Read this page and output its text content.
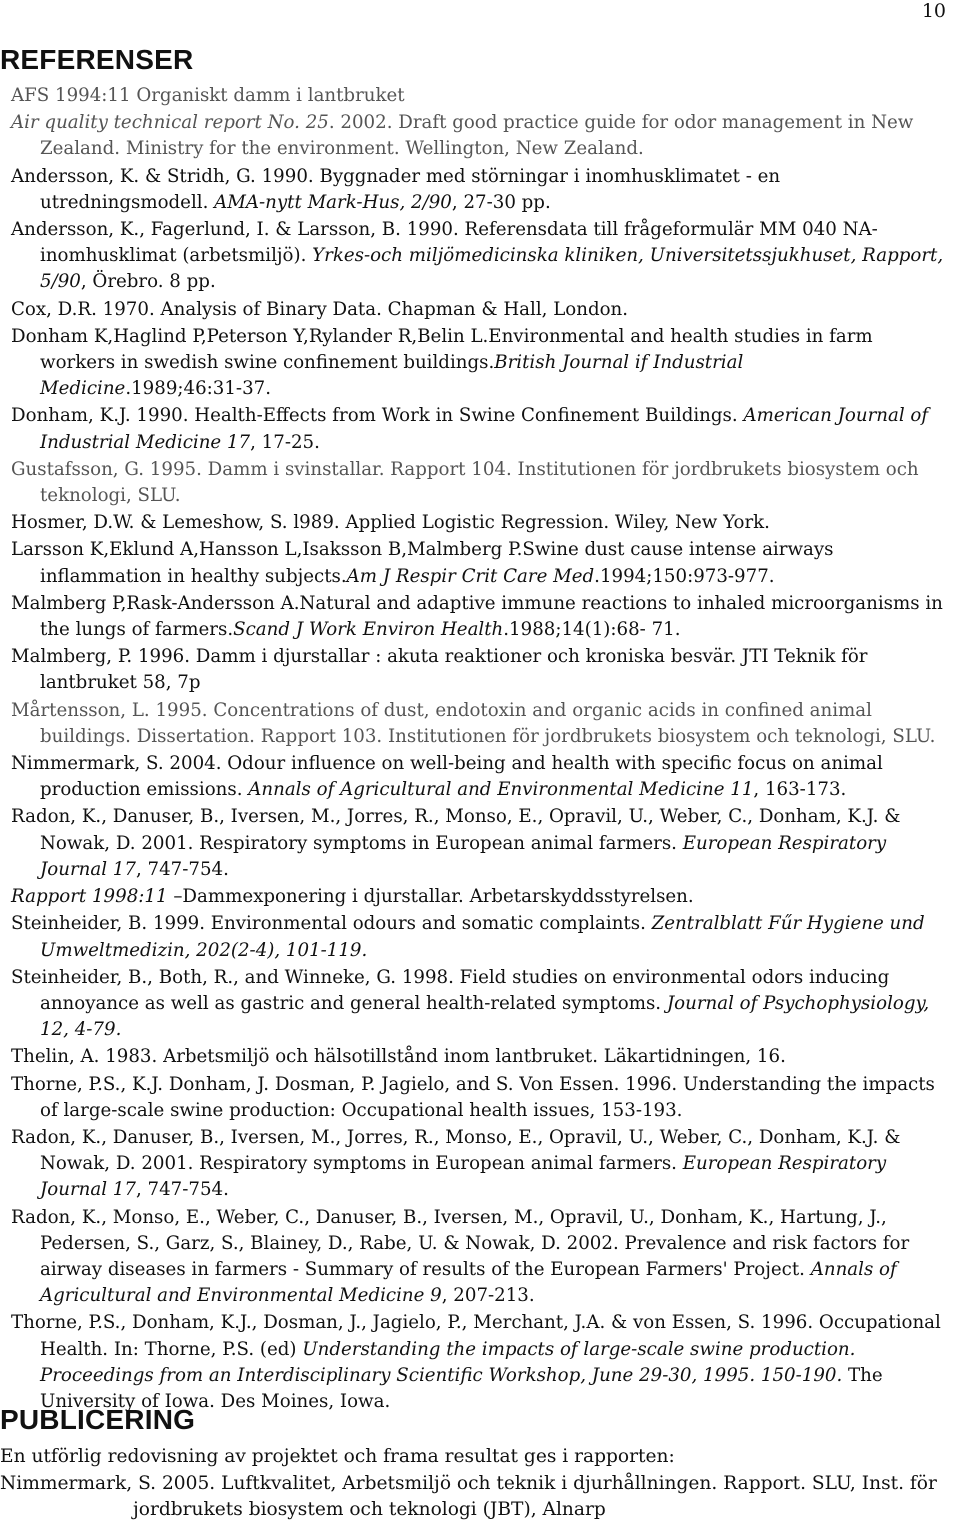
10
REFERENSER

AFS 1994:11 Organiskt damm i lantbruket

Air quality technical report No. 25. 2002. Draft good practice guide for odor management in New Zealand. Ministry for the environment. Wellington, New Zealand.

Andersson, K. & Stridh, G. 1990. Byggnader med störningar i inomhusklimatet - en utredningsmodell. AMA-nytt Mark-Hus, 2/90, 27-30 pp.

Andersson, K., Fagerlund, I. & Larsson, B. 1990. Referensdata till frågeformulär MM 040 NA-inomhusklimat (arbetsmiljö). Yrkes-och miljömedicinska kliniken, Universitetssjukhuset, Rapport, 5/90, Örebro. 8 pp.

Cox, D.R. 1970. Analysis of Binary Data. Chapman & Hall, London.

Donham K,Haglind P,Peterson Y,Rylander R,Belin L.Environmental and health studies in farm workers in swedish swine confinement buildings.British Journal if Industrial Medicine.1989;46:31-37.

Donham, K.J. 1990. Health-Effects from Work in Swine Confinement Buildings. American Journal of Industrial Medicine 17, 17-25.

Gustafsson, G. 1995. Damm i svinstallar. Rapport 104. Institutionen för jordbrukets biosystem och teknologi, SLU.

Hosmer, D.W. & Lemeshow, S. l989. Applied Logistic Regression. Wiley, New York.

Larsson K,Eklund A,Hansson L,Isaksson B,Malmberg P.Swine dust cause intense airways inflammation in healthy subjects.Am J Respir Crit Care Med.1994;150:973-977.

Malmberg P,Rask-Andersson A.Natural and adaptive immune reactions to inhaled microorganisms in the lungs of farmers.Scand J Work Environ Health.1988;14(1):68- 71.

Malmberg, P. 1996. Damm i djurstallar : akuta reaktioner och kroniska besvär. JTI Teknik för lantbruket 58, 7p

Mårtensson, L. 1995. Concentrations of dust, endotoxin and organic acids in confined animal buildings. Dissertation. Rapport 103. Institutionen för jordbrukets biosystem och teknologi, SLU.

Nimmermark, S. 2004. Odour influence on well-being and health with specific focus on animal production emissions. Annals of Agricultural and Environmental Medicine 11, 163-173.

Radon, K., Danuser, B., Iversen, M., Jorres, R., Monso, E., Opravil, U., Weber, C., Donham, K.J. & Nowak, D. 2001. Respiratory symptoms in European animal farmers. European Respiratory Journal 17, 747-754.

Rapport 1998:11 –Dammexponering i djurstallar. Arbetarskyddsstyrelsen.

Steinheider, B. 1999. Environmental odours and somatic complaints. Zentralblatt Fűr Hygiene und Umweltmedizin, 202(2-4), 101-119.

Steinheider, B., Both, R., and Winneke, G. 1998. Field studies on environmental odors inducing annoyance as well as gastric and general health-related symptoms. Journal of Psychophysiology, 12, 4-79.

Thelin, A. 1983. Arbetsmiljö och hälsotillstånd inom lantbruket. Läkartidningen, 16.

Thorne, P.S., K.J. Donham, J. Dosman, P. Jagielo, and S. Von Essen. 1996. Understanding the impacts of large-scale swine production: Occupational health issues, 153-193.

Radon, K., Danuser, B., Iversen, M., Jorres, R., Monso, E., Opravil, U., Weber, C., Donham, K.J. & Nowak, D. 2001. Respiratory symptoms in European animal farmers. European Respiratory Journal 17, 747-754.

Radon, K., Monso, E., Weber, C., Danuser, B., Iversen, M., Opravil, U., Donham, K., Hartung, J., Pedersen, S., Garz, S., Blainey, D., Rabe, U. & Nowak, D. 2002. Prevalence and risk factors for airway diseases in farmers - Summary of results of the European Farmers' Project. Annals of Agricultural and Environmental Medicine 9, 207-213.

Thorne, P.S., Donham, K.J., Dosman, J., Jagielo, P., Merchant, J.A. & von Essen, S. 1996. Occupational Health. In: Thorne, P.S. (ed) Understanding the impacts of large-scale swine production. Proceedings from an Interdisciplinary Scientific Workshop, June 29-30, 1995. 150-190. The University of Iowa. Des Moines, Iowa.

PUBLICERING

En utförlig redovisning av projektet och frama resultat ges i rapporten:

Nimmermark, S. 2005. Luftkvalitet, Arbetsmiljö och teknik i djurhållningen. Rapport. SLU, Inst. för jordbrukets biosystem och teknologi (JBT), Alnarp
